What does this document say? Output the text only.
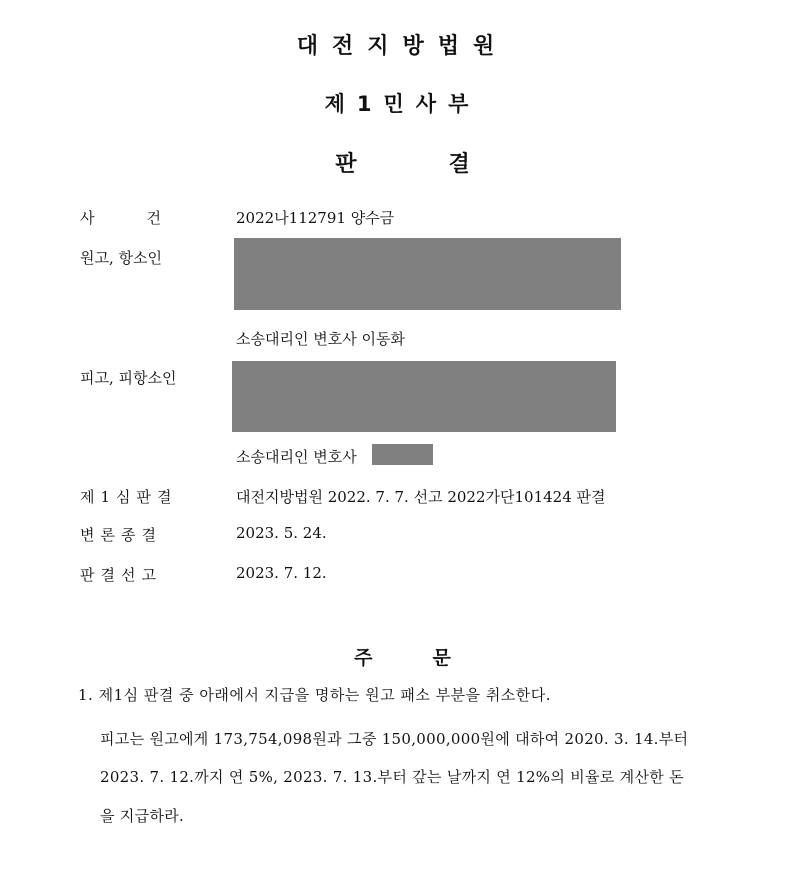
대전지방법원
제1민사부
판결
사건 2022나112791 양수금
원고, 항소인
소송대리인 변호사 이동화
피고, 피항소인
소송대리인 변호사
제1심판결	대전지방법원 2022. 7. 7. 선고 2022가단101424 판결
변론종결	2023. 5. 24.
판결선고	2023. 7. 12.
주문
1. 제1심 판결 중 아래에서 지급을 명하는 원고 패소 부분을 취소한다.
피고는 원고에게 173,754,098원과 그중 150,000,000원에 대하여 2020. 3. 14.부터
2023. 7. 12.까지 연 5%, 2023. 7. 13.부터 갚는 날까지 연 12%의 비율로 계산한 돈
을 지급하라.
